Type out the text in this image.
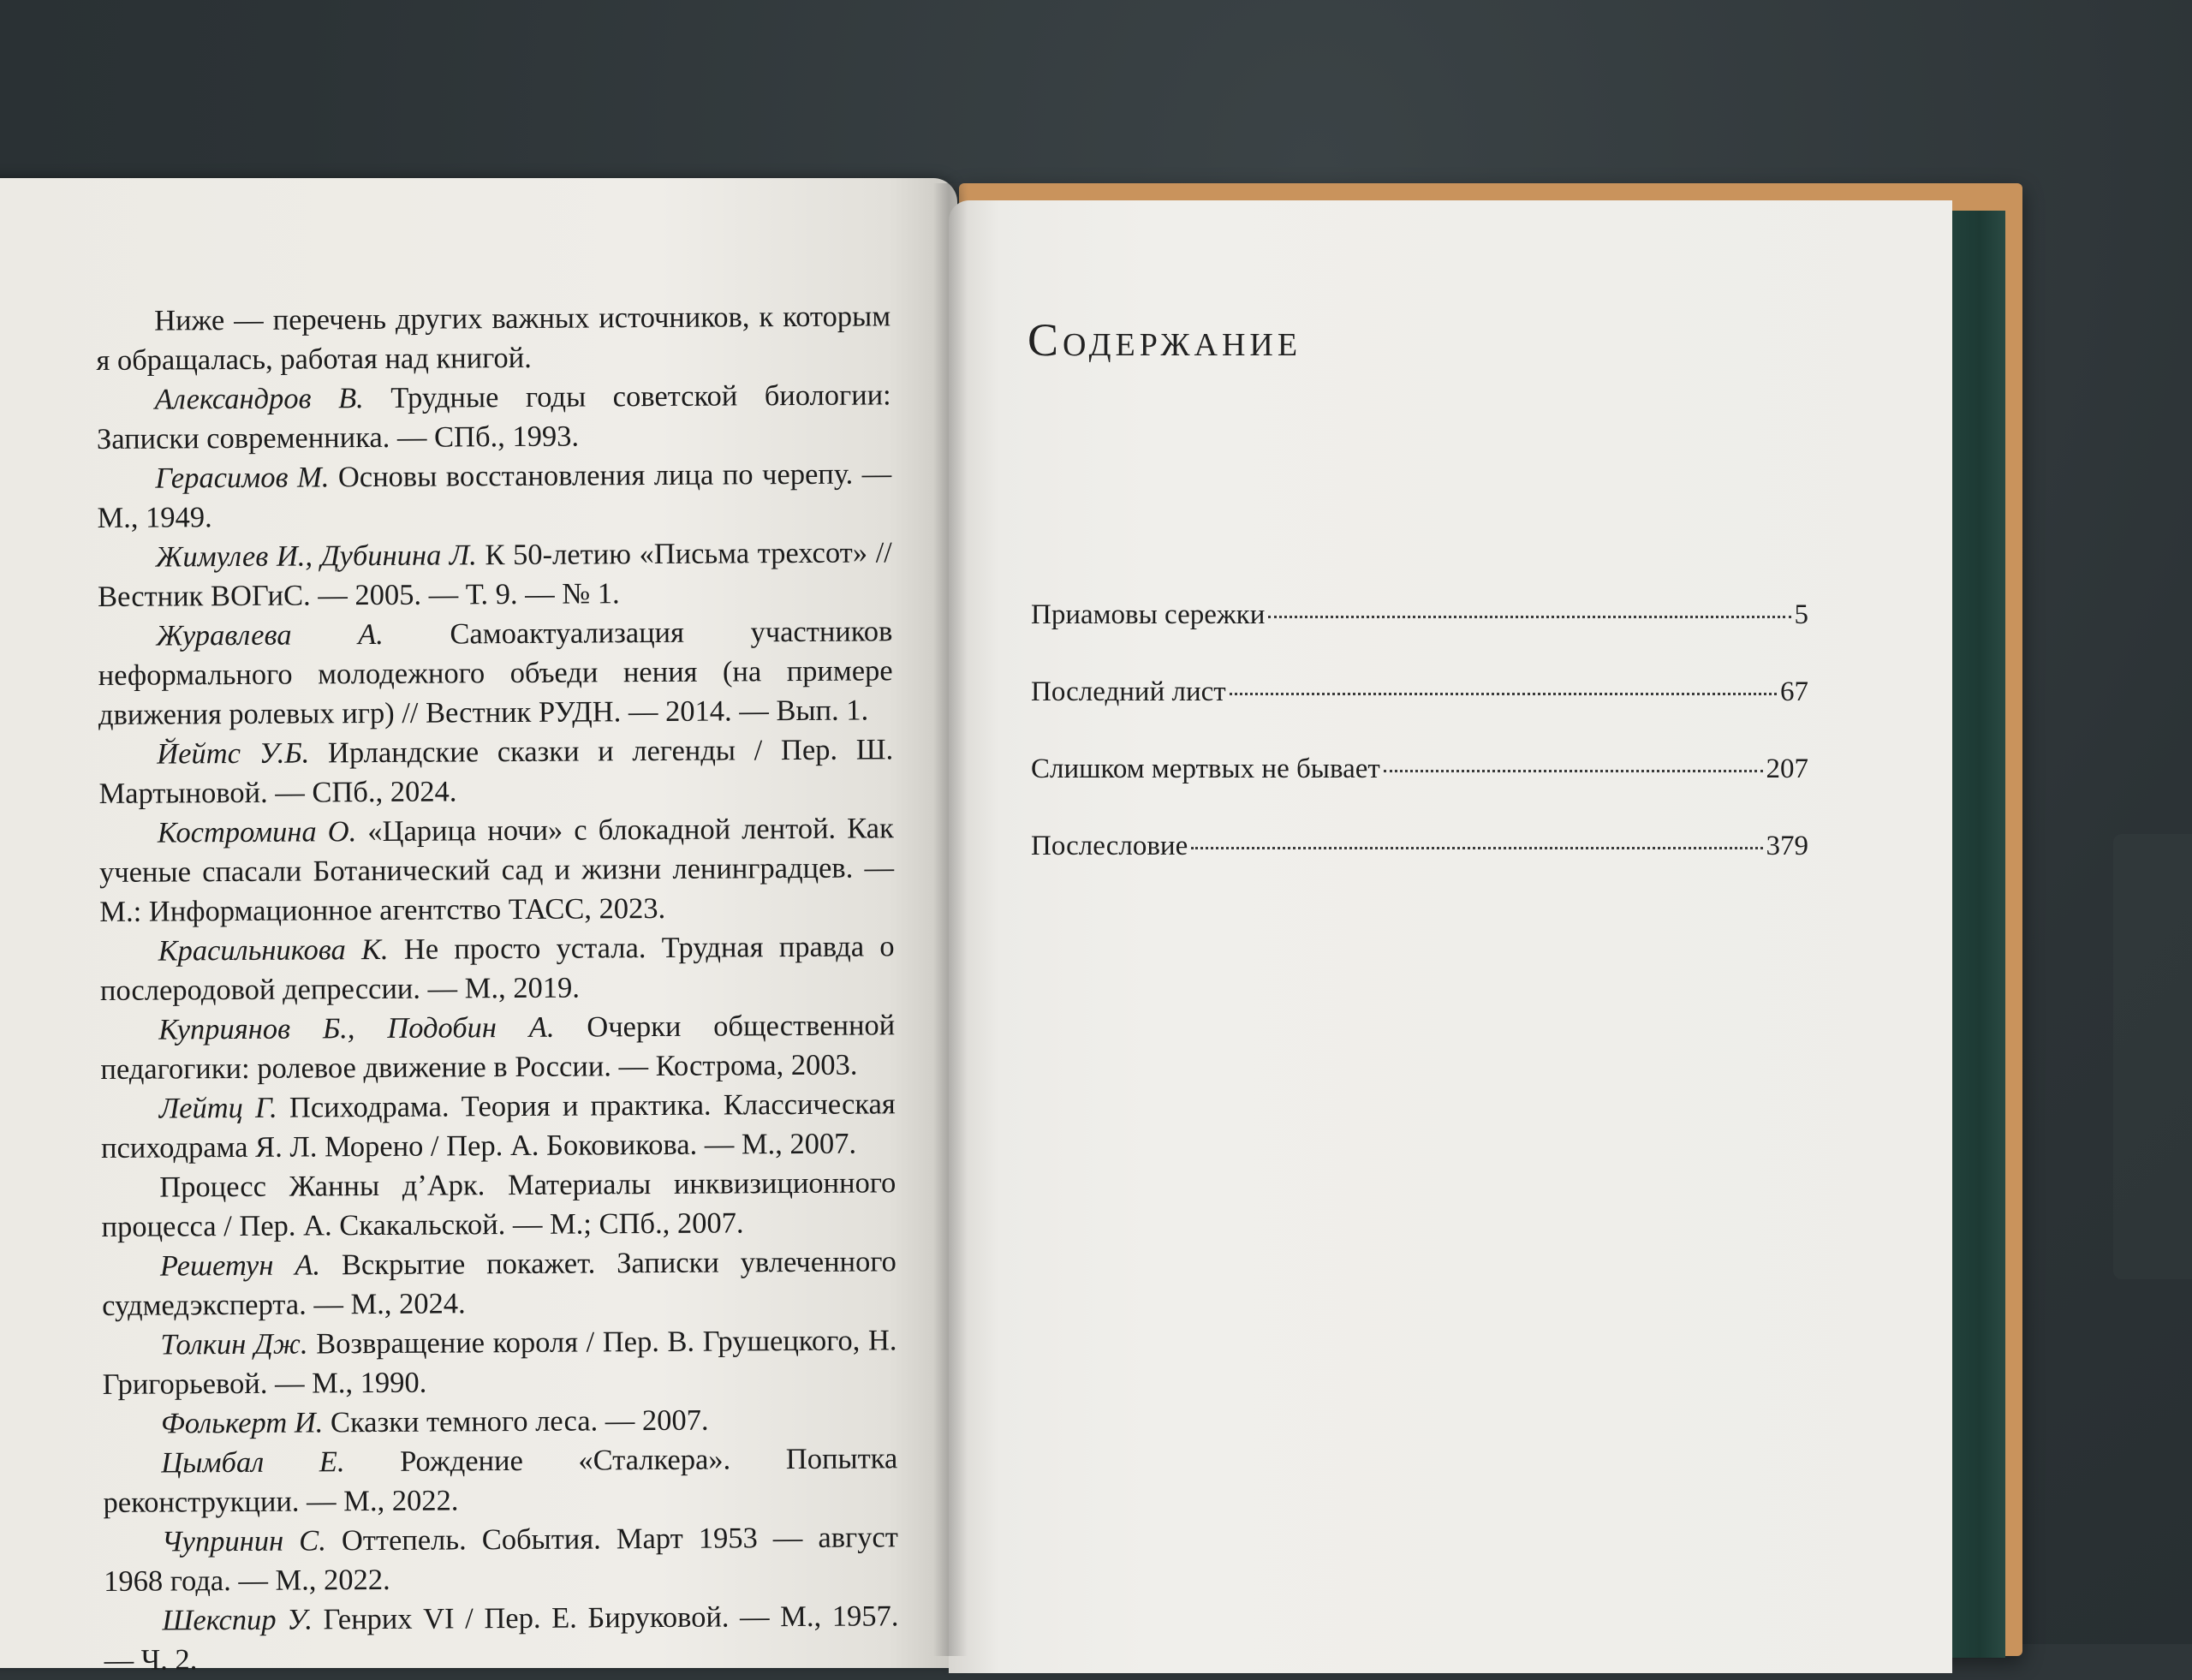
Ниже — перечень других важных источников, к которым я обращалась, работая над книгой.

Александров В. Трудные годы советской биологии: Записки современника. — СПб., 1993.

Герасимов М. Основы восстановления лица по черепу. — М., 1949.

Жимулев И., Дубинина Л. К 50-летию «Письма трехсот» // Вестник ВОГиС. — 2005. — Т. 9. — № 1.

Журавлева А. Самоактуализация участников неформального молодежного объеди нения (на примере движения ролевых игр) // Вестник РУДН. — 2014. — Вып. 1.

Йейтс У.Б. Ирландские сказки и легенды / Пер. Ш. Мартыновой. — СПб., 2024.

Костромина О. «Царица ночи» с блокадной лентой. Как ученые спасали Ботанический сад и жизни ленинградцев. — М.: Информационное агентство ТАСС, 2023.

Красильникова К. Не просто устала. Трудная правда о послеродовой депрессии. — М., 2019.

Куприянов Б., Подобин А. Очерки общественной педагогики: ролевое движение в России. — Кострома, 2003.

Лейтц Г. Психодрама. Теория и практика. Классическая психодрама Я. Л. Морено / Пер. А. Боковикова. — М., 2007.

Процесс Жанны д’Арк. Материалы инквизиционного процесса / Пер. А. Скакальской. — М.; СПб., 2007.

Решетун А. Вскрытие покажет. Записки увлеченного судмедэксперта. — М., 2024.

Толкин Дж. Возвращение короля / Пер. В. Грушецкого, Н. Григорьевой. — М., 1990.

Фолькерт И. Сказки темного леса. — 2007.

Цымбал Е. Рождение «Сталкера». Попытка реконструкции. — М., 2022.

Чупринин С. Оттепель. События. Март 1953 — август 1968 года. — М., 2022.

Шекспир У. Генрих VI / Пер. Е. Бируковой. — М., 1957. — Ч. 2.

Содержание
Приамовы сережки	5
Последний лист	67
Слишком мертвых не бывает	207
Послесловие	379
